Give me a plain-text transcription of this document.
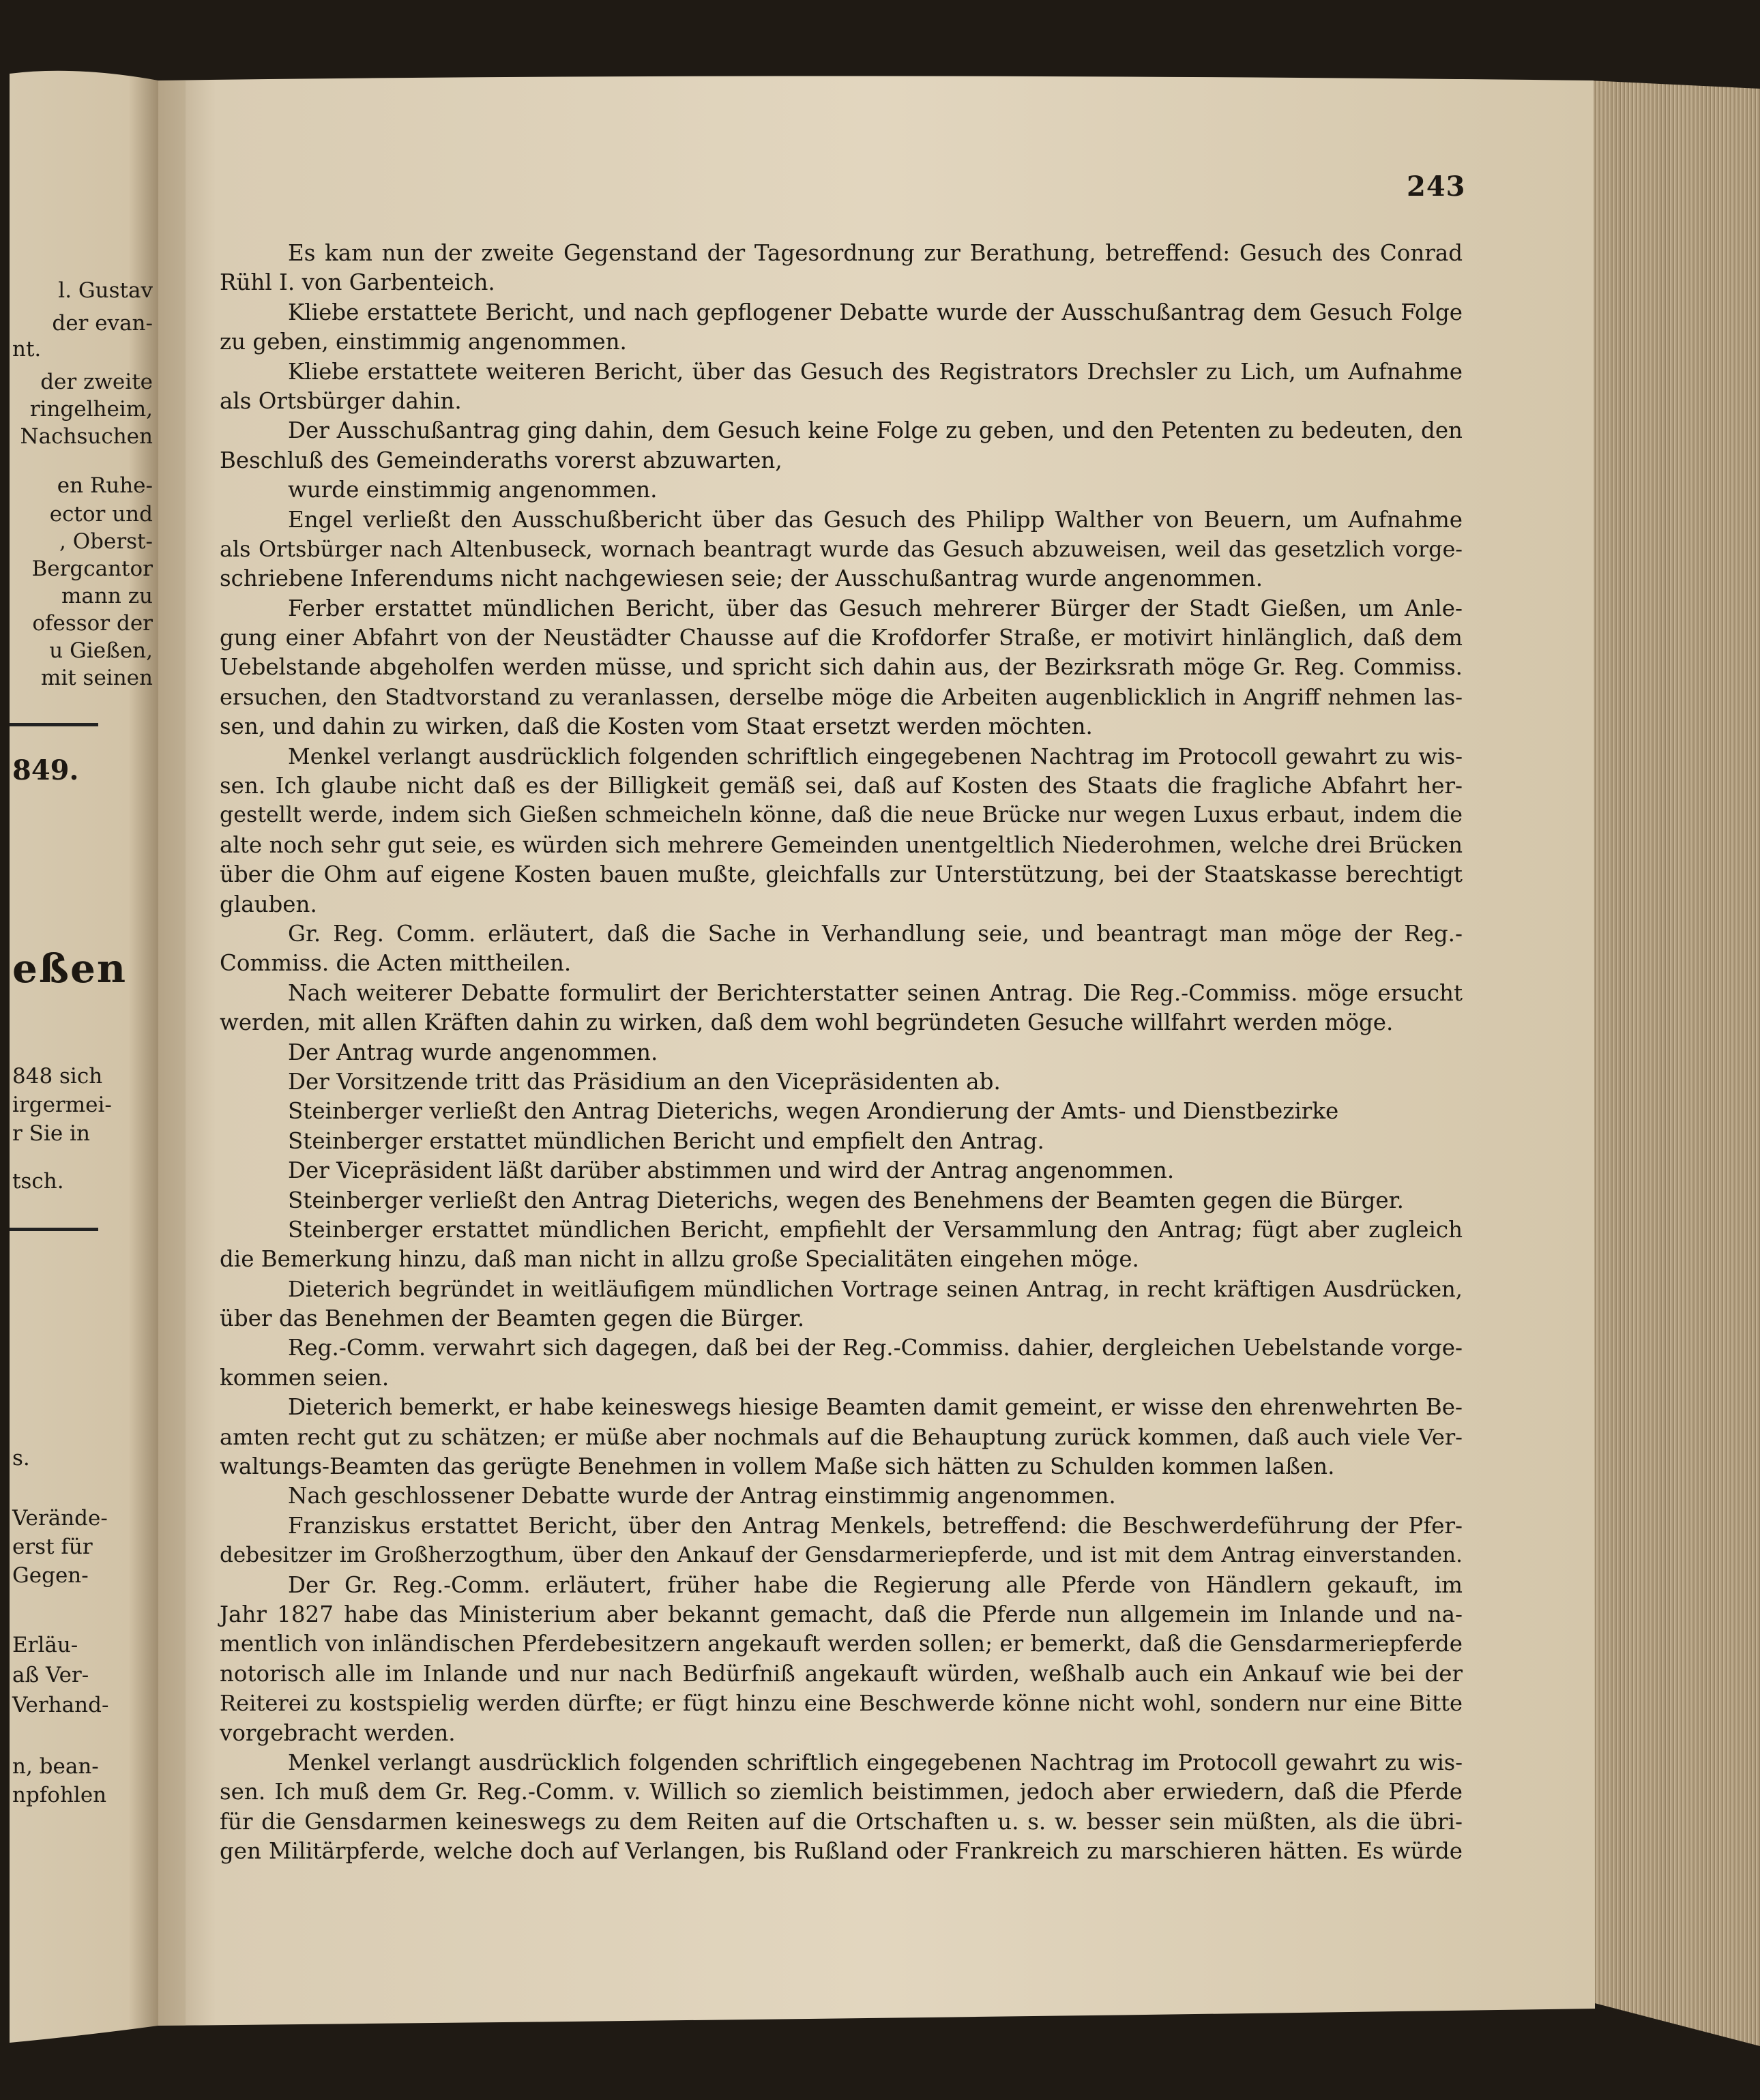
l. Gustav
der evan-
nt.
der zweite
ringelheim,
Nachsuchen
en Ruhe-
ector und
, Oberst-
Bergcantor
mann zu
ofessor der
u Gießen,
mit seinen
849.
eßen
848 sich
irgermei-
r Sie in
tsch.
s.
Verände-
erst für
Gegen-
Erläu-
aß Ver-
Verhand-
n, bean-
npfohlen
243
Es kam nun der zweite Gegenstand der Tagesordnung zur Berathung, betreffend: Gesuch des Conrad
Rühl I. von Garbenteich.
Kliebe erstattete Bericht, und nach gepflogener Debatte wurde der Ausschußantrag dem Gesuch Folge
zu geben, einstimmig angenommen.
Kliebe erstattete weiteren Bericht, über das Gesuch des Registrators Drechsler zu Lich, um Aufnahme
als Ortsbürger dahin.
Der Ausschußantrag ging dahin, dem Gesuch keine Folge zu geben, und den Petenten zu bedeuten, den
Beschluß des Gemeinderaths vorerst abzuwarten,
wurde einstimmig angenommen.
Engel verließt den Ausschußbericht über das Gesuch des Philipp Walther von Beuern, um Aufnahme
als Ortsbürger nach Altenbuseck, wornach beantragt wurde das Gesuch abzuweisen, weil das gesetzlich vorge-
schriebene Inferendums nicht nachgewiesen seie; der Ausschußantrag wurde angenommen.
Ferber erstattet mündlichen Bericht, über das Gesuch mehrerer Bürger der Stadt Gießen, um Anle-
gung einer Abfahrt von der Neustädter Chausse auf die Krofdorfer Straße, er motivirt hinlänglich, daß dem
Uebelstande abgeholfen werden müsse, und spricht sich dahin aus, der Bezirksrath möge Gr. Reg. Commiss.
ersuchen, den Stadtvorstand zu veranlassen, derselbe möge die Arbeiten augenblicklich in Angriff nehmen las-
sen, und dahin zu wirken, daß die Kosten vom Staat ersetzt werden möchten.
Menkel verlangt ausdrücklich folgenden schriftlich eingegebenen Nachtrag im Protocoll gewahrt zu wis-
sen. Ich glaube nicht daß es der Billigkeit gemäß sei, daß auf Kosten des Staats die fragliche Abfahrt her-
gestellt werde, indem sich Gießen schmeicheln könne, daß die neue Brücke nur wegen Luxus erbaut, indem die
alte noch sehr gut seie, es würden sich mehrere Gemeinden unentgeltlich Niederohmen, welche drei Brücken
über die Ohm auf eigene Kosten bauen mußte, gleichfalls zur Unterstützung, bei der Staatskasse berechtigt
glauben.
Gr. Reg. Comm. erläutert, daß die Sache in Verhandlung seie, und beantragt man möge der Reg.-
Commiss. die Acten mittheilen.
Nach weiterer Debatte formulirt der Berichterstatter seinen Antrag. Die Reg.-Commiss. möge ersucht
werden, mit allen Kräften dahin zu wirken, daß dem wohl begründeten Gesuche willfahrt werden möge.
Der Antrag wurde angenommen.
Der Vorsitzende tritt das Präsidium an den Vicepräsidenten ab.
Steinberger verließt den Antrag Dieterichs, wegen Arondierung der Amts- und Dienstbezirke
Steinberger erstattet mündlichen Bericht und empfielt den Antrag.
Der Vicepräsident läßt darüber abstimmen und wird der Antrag angenommen.
Steinberger verließt den Antrag Dieterichs, wegen des Benehmens der Beamten gegen die Bürger.
Steinberger erstattet mündlichen Bericht, empfiehlt der Versammlung den Antrag; fügt aber zugleich
die Bemerkung hinzu, daß man nicht in allzu große Specialitäten eingehen möge.
Dieterich begründet in weitläufigem mündlichen Vortrage seinen Antrag, in recht kräftigen Ausdrücken,
über das Benehmen der Beamten gegen die Bürger.
Reg.-Comm. verwahrt sich dagegen, daß bei der Reg.-Commiss. dahier, dergleichen Uebelstande vorge-
kommen seien.
Dieterich bemerkt, er habe keineswegs hiesige Beamten damit gemeint, er wisse den ehrenwehrten Be-
amten recht gut zu schätzen; er müße aber nochmals auf die Behauptung zurück kommen, daß auch viele Ver-
waltungs-Beamten das gerügte Benehmen in vollem Maße sich hätten zu Schulden kommen laßen.
Nach geschlossener Debatte wurde der Antrag einstimmig angenommen.
Franziskus erstattet Bericht, über den Antrag Menkels, betreffend: die Beschwerdeführung der Pfer-
debesitzer im Großherzogthum, über den Ankauf der Gensdarmeriepferde, und ist mit dem Antrag einverstanden.
Der Gr. Reg.-Comm. erläutert, früher habe die Regierung alle Pferde von Händlern gekauft, im
Jahr 1827 habe das Ministerium aber bekannt gemacht, daß die Pferde nun allgemein im Inlande und na-
mentlich von inländischen Pferdebesitzern angekauft werden sollen; er bemerkt, daß die Gensdarmeriepferde
notorisch alle im Inlande und nur nach Bedürfniß angekauft würden, weßhalb auch ein Ankauf wie bei der
Reiterei zu kostspielig werden dürfte; er fügt hinzu eine Beschwerde könne nicht wohl, sondern nur eine Bitte
vorgebracht werden.
Menkel verlangt ausdrücklich folgenden schriftlich eingegebenen Nachtrag im Protocoll gewahrt zu wis-
sen. Ich muß dem Gr. Reg.-Comm. v. Willich so ziemlich beistimmen, jedoch aber erwiedern, daß die Pferde
für die Gensdarmen keineswegs zu dem Reiten auf die Ortschaften u. s. w. besser sein müßten, als die übri-
gen Militärpferde, welche doch auf Verlangen, bis Rußland oder Frankreich zu marschieren hätten. Es würde
